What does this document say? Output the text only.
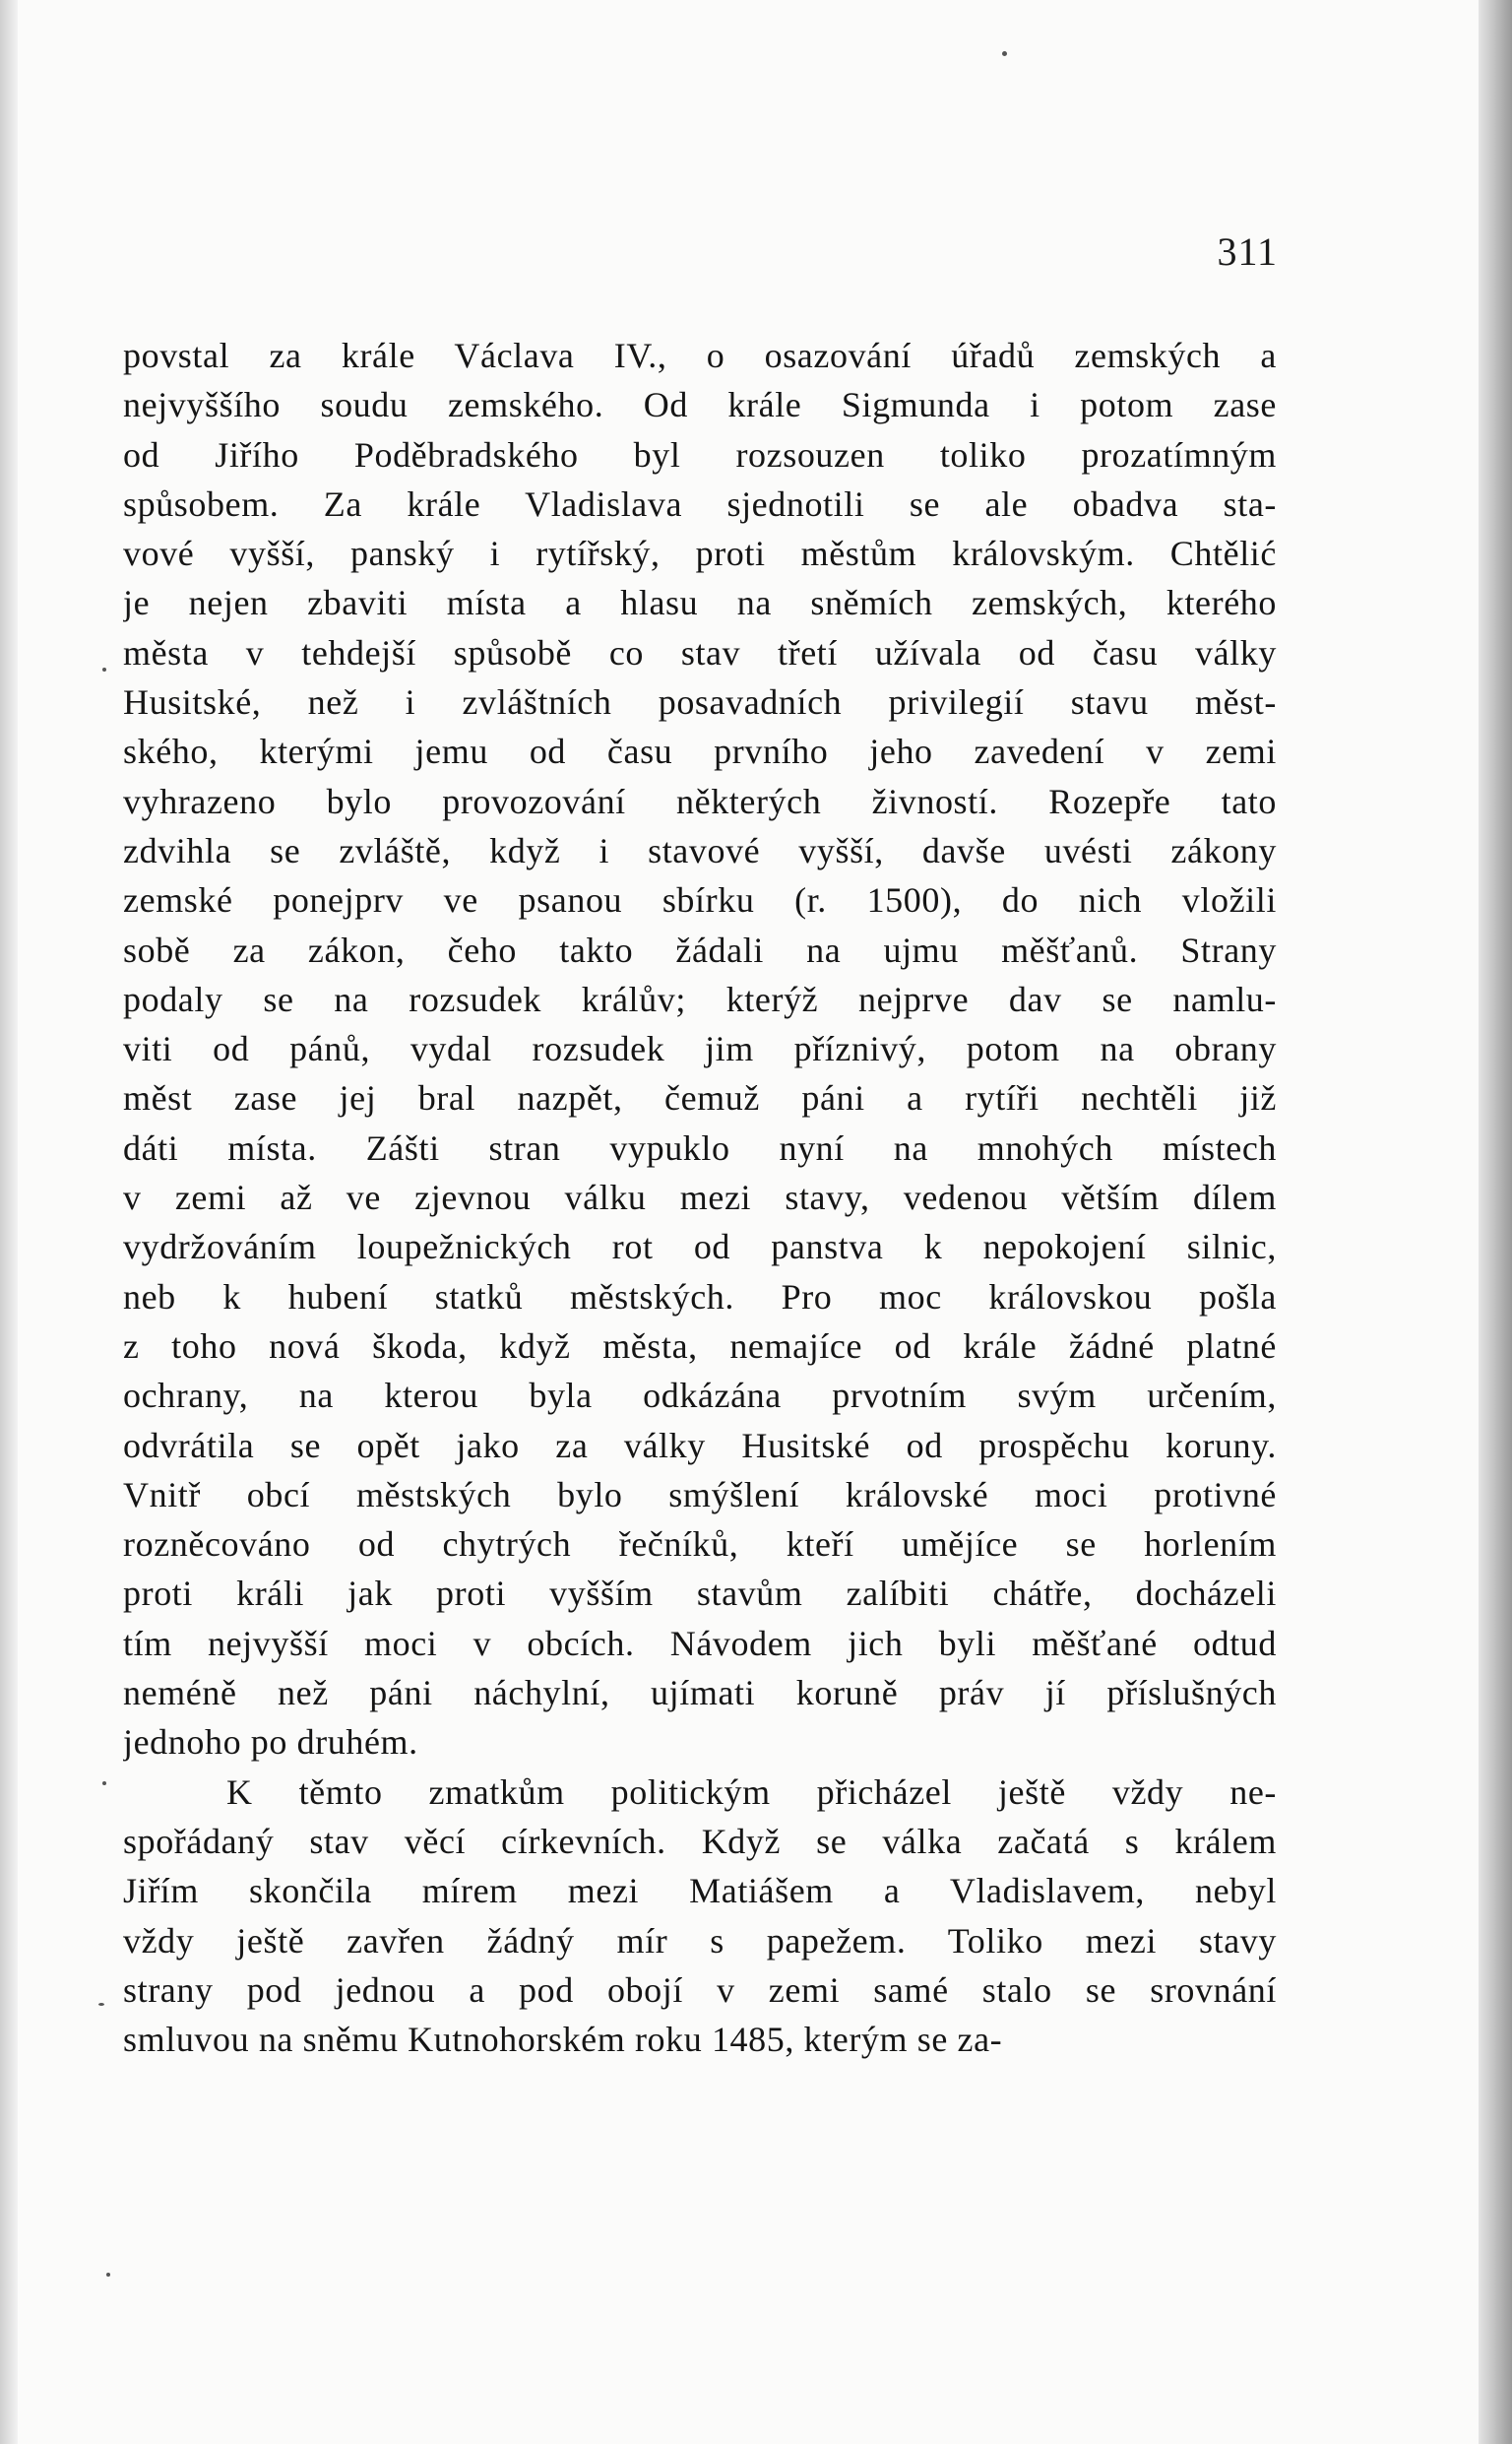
311
povstal za krále Václava IV., o osazování úřadů zemských a
nejvyššího soudu zemského. Od krále Sigmunda i potom zase
od Jiřího Poděbradského byl rozsouzen toliko prozatímným
spůsobem. Za krále Vladislava sjednotili se ale obadva sta-
vové vyšší, panský i rytířský, proti městům královským. Chtělić
je nejen zbaviti místa a hlasu na sněmích zemských, kterého
města v tehdejší spůsobě co stav třetí užívala od času války
Husitské, než i zvláštních posavadních privilegií stavu měst-
ského, kterými jemu od času prvního jeho zavedení v zemi
vyhrazeno bylo provozování některých živností. Rozepře tato
zdvihla se zvláště, když i stavové vyšší, davše uvésti zákony
zemské ponejprv ve psanou sbírku (r. 1500), do nich vložili
sobě za zákon, čeho takto žádali na ujmu měšťanů. Strany
podaly se na rozsudek králův; kterýž nejprve dav se namlu-
viti od pánů, vydal rozsudek jim příznivý, potom na obrany
měst zase jej bral nazpět, čemuž páni a rytíři nechtěli již
dáti místa. Zášti stran vypuklo nyní na mnohých místech
v zemi až ve zjevnou válku mezi stavy, vedenou větším dílem
vydržováním loupežnických rot od panstva k nepokojení silnic,
neb k hubení statků městských. Pro moc královskou pošla
z toho nová škoda, když města, nemajíce od krále žádné platné
ochrany, na kterou byla odkázána prvotním svým určením,
odvrátila se opět jako za války Husitské od prospěchu koruny.
Vnitř obcí městských bylo smýšlení královské moci protivné
rozněcováno od chytrých řečníků, kteří umějíce se horlením
proti králi jak proti vyšším stavům zalíbiti chátře, docházeli
tím nejvyšší moci v obcích. Návodem jich byli měšťané odtud
neméně než páni náchylní, ujímati koruně práv jí příslušných
jednoho po druhém.
K těmto zmatkům politickým přicházel ještě vždy ne-
spořádaný stav věcí církevních. Když se válka začatá s králem
Jiřím skončila mírem mezi Matiášem a Vladislavem, nebyl
vždy ještě zavřen žádný mír s papežem. Toliko mezi stavy
strany pod jednou a pod obojí v zemi samé stalo se srovnání
smluvou na sněmu Kutnohorském roku 1485, kterým se za-
